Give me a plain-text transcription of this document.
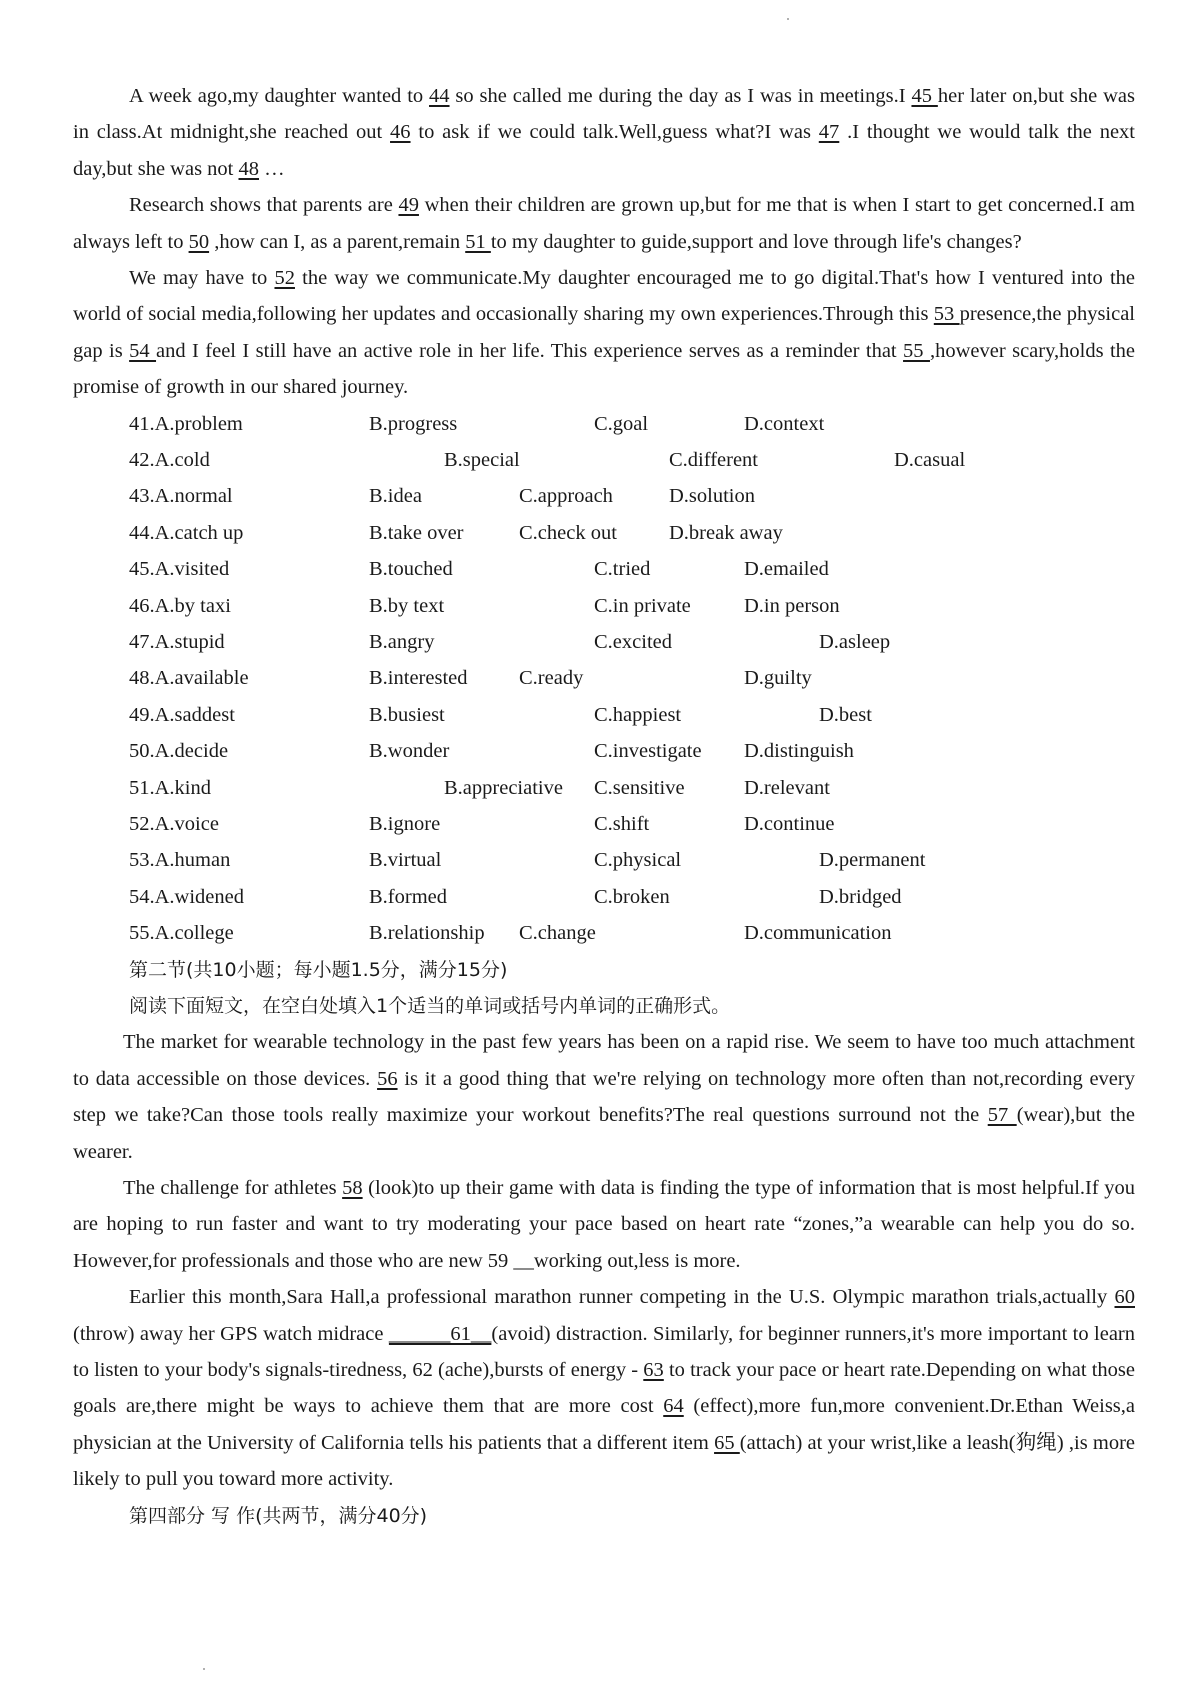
A week ago,my daughter wanted to 44 so she called me during the day as I was in meetings.I 45 her later on,but she was in class.At midnight,she reached out 46 to ask if we could talk.Well,guess what?I was 47 .I thought we would talk the next day,but she was not 48 …

Research shows that parents are 49 when their children are grown up,but for me that is when I start to get concerned.I am always left to 50 ,how can I, as a parent,remain 51 to my daughter to guide,support and love through life's changes?

We may have to 52 the way we communicate.My daughter encouraged me to go digital.That's how I ventured into the world of social media,following her updates and occasionally sharing my own experiences.Through this 53 presence,the physical gap is 54 and I feel I still have an active role in her life. This experience serves as a reminder that 55 ,however scary,holds the promise of growth in our shared journey.

41.A.problem	B.progress	C.goal	D.context
42.A.cold	B.special	C.different	D.casual
43.A.normal	B.idea	C.approach	D.solution
44.A.catch up	B.take over	C.check out	D.break away
45.A.visited	B.touched	C.tried	D.emailed
46.A.by taxi	B.by text	C.in private	D.in person
47.A.stupid	B.angry	C.excited	D.asleep
48.A.available	B.interested	C.ready	D.guilty
49.A.saddest	B.busiest	C.happiest	D.best
50.A.decide	B.wonder	C.investigate D.distinguish
51.A.kind	B.appreciative C.sensitive	D.relevant
52.A.voice	B.ignore	C.shift	D.continue
53.A.human	B.virtual	C.physical	D.permanent
54.A.widened	B.formed	C.broken	D.bridged
55.A.college	B.relationship C.change	D.communication

第二节(共10小题；每小题1.5分，满分15分)

阅读下面短文，在空白处填入1个适当的单词或括号内单词的正确形式。

The market for wearable technology in the past few years has been on a rapid rise. We seem to have too much attachment to data accessible on those devices. 56 is it a good thing that we're relying on technology more often than not,recording every step we take?Can those tools really maximize your workout benefits?The real questions surround not the 57 (wear),but the wearer.

The challenge for athletes 58 (look)to up their game with data is finding the type of information that is most helpful.If you are hoping to run faster and want to try moderating your pace based on heart rate “zones,”a wearable can help you do so. However,for professionals and those who are new 59 __working out,less is more.

Earlier this month,Sara Hall,a professional marathon runner competing in the U.S. Olympic marathon trials,actually 60 (throw) away her GPS watch midrace ______61__(avoid) distraction. Similarly, for beginner runners,it's more important to learn to listen to your body's signals-tiredness, 62 (ache),bursts of energy - 63 to track your pace or heart rate.Depending on what those goals are,there might be ways to achieve them that are more cost 64 (effect),more fun,more convenient.Dr.Ethan Weiss,a physician at the University of California tells his patients that a different item 65 (attach) at your wrist,like a leash(狗绳) ,is more likely to pull you toward more activity.

第四部分 写 作(共两节，满分40分)
